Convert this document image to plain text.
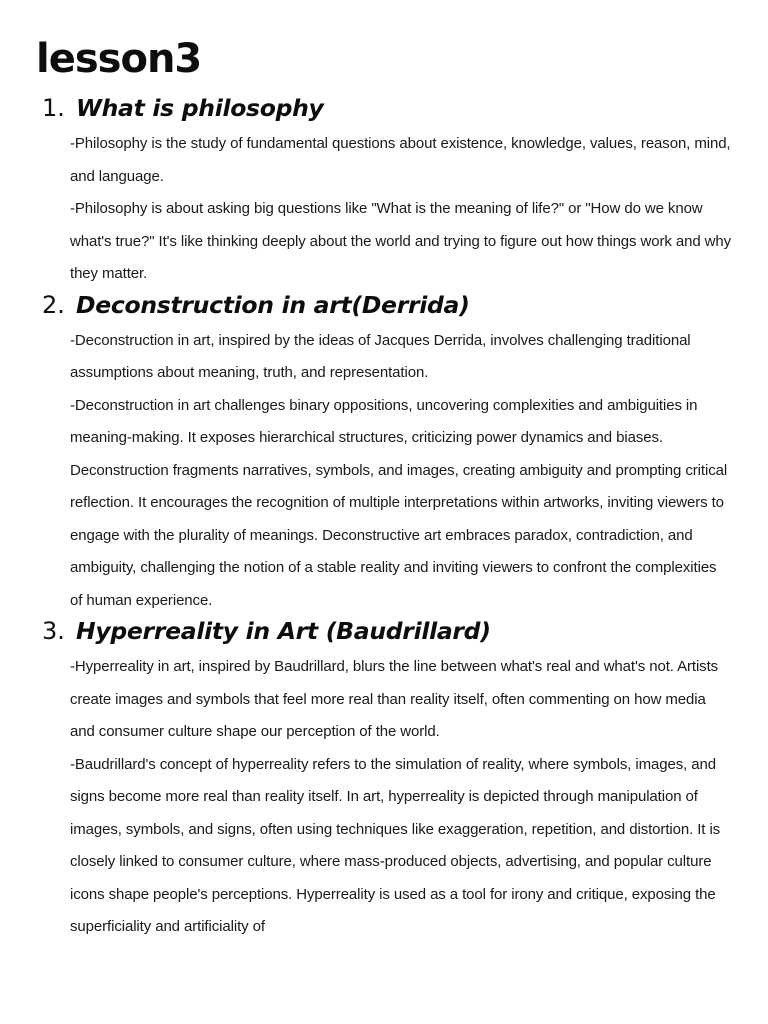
lesson3
1. What is philosophy

-Philosophy is the study of fundamental questions about existence, knowledge, values, reason, mind, and language.

-Philosophy is about asking big questions like "What is the meaning of life?" or "How do we know what's true?" It's like thinking deeply about the world and trying to figure out how things work and why they matter.

2. Deconstruction in art(Derrida)

-Deconstruction in art, inspired by the ideas of Jacques Derrida, involves challenging traditional assumptions about meaning, truth, and representation.

-Deconstruction in art challenges binary oppositions, uncovering complexities and ambiguities in meaning-making. It exposes hierarchical structures, criticizing power dynamics and biases. Deconstruction fragments narratives, symbols, and images, creating ambiguity and prompting critical reflection. It encourages the recognition of multiple interpretations within artworks, inviting viewers to engage with the plurality of meanings. Deconstructive art embraces paradox, contradiction, and ambiguity, challenging the notion of a stable reality and inviting viewers to confront the complexities of human experience.

3. Hyperreality in Art (Baudrillard)

-Hyperreality in art, inspired by Baudrillard, blurs the line between what's real and what's not. Artists create images and symbols that feel more real than reality itself, often commenting on how media and consumer culture shape our perception of the world.

-Baudrillard's concept of hyperreality refers to the simulation of reality, where symbols, images, and signs become more real than reality itself. In art, hyperreality is depicted through manipulation of images, symbols, and signs, often using techniques like exaggeration, repetition, and distortion. It is closely linked to consumer culture, where mass-produced objects, advertising, and popular culture icons shape people's perceptions. Hyperreality is used as a tool for irony and critique, exposing the superficiality and artificiality of
